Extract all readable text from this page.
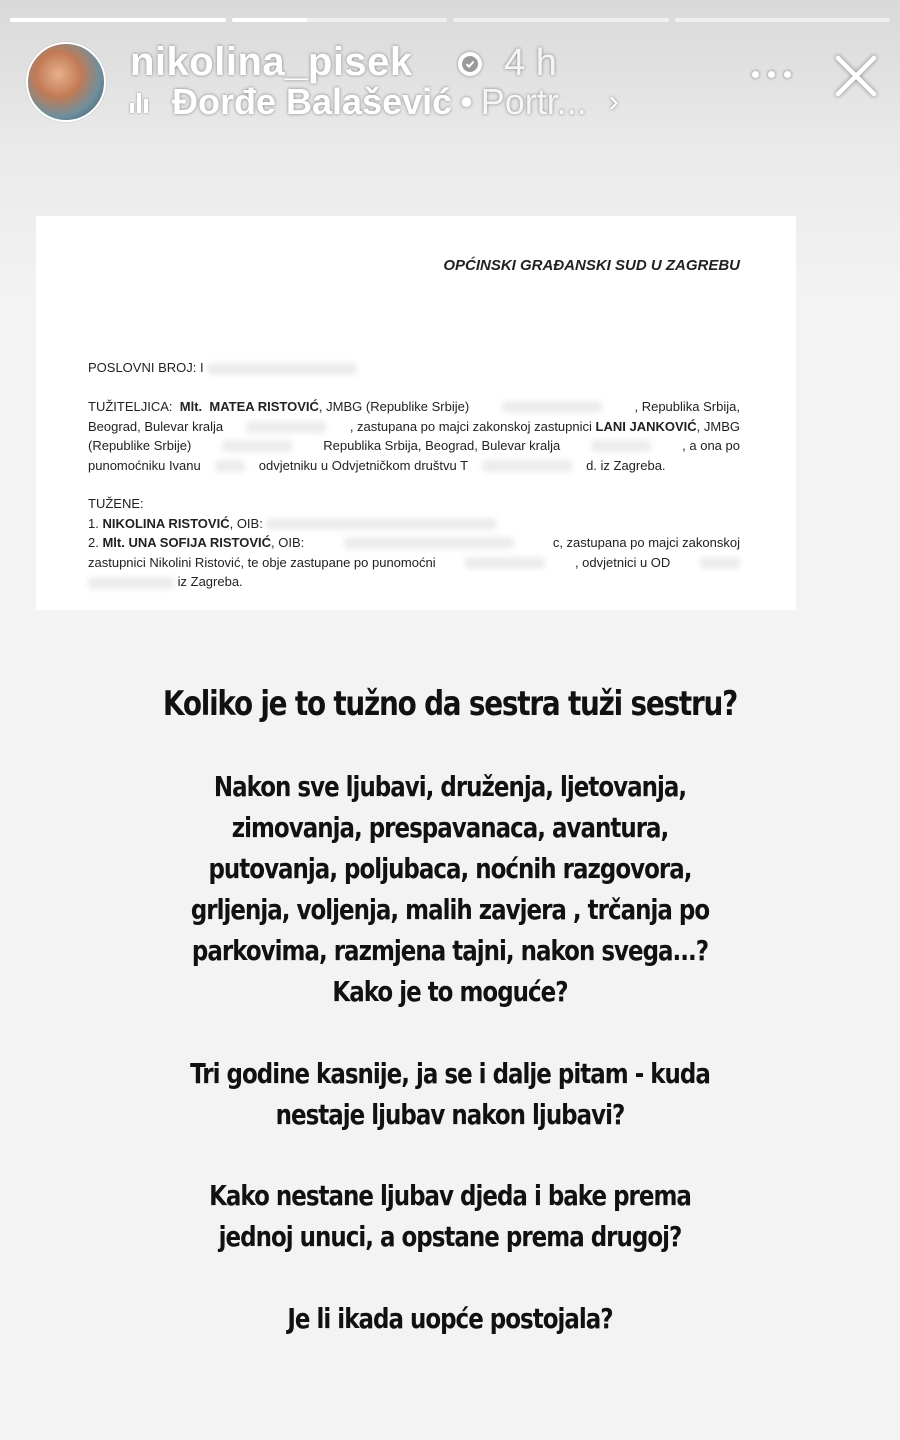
nikolina_pisek 4 h
Đorđe Balašević • Portr... ›
OPĆINSKI GRAĐANSKI SUD U ZAGREBU
POSLOVNI BROJ: I
TUŽITELJICA: Mlt. MATEA RISTOVIĆ, JMBG (Republike Srbije)	, Republika Srbija,
Beograd, Bulevar kralja	, zastupana po majci zakonskoj zastupnici LANI JANKOVIĆ, JMBG
(Republike Srbije)	Republika Srbija, Beograd, Bulevar kralja	, a ona po
punomoćniku Ivanu	odvjetniku u Odvjetničkom društvu T	d. iz Zagreba.
TUŽENE:
1. NIKOLINA RISTOVIĆ, OIB:
2. Mlt. UNA SOFIJA RISTOVIĆ, OIB:	c, zastupana po majci zakonskoj
zastupnici Nikolini Ristović, te obje zastupane po punomoćni	, odvjetnici u OD
iz Zagreba.
Koliko je to tužno da sestra tuži sestru?

Nakon sve ljubavi, druženja, ljetovanja,

zimovanja, prespavanaca, avantura,

putovanja, poljubaca, noćnih razgovora,

grljenja, voljenja, malih zavjera , trčanja po

parkovima, razmjena tajni, nakon svega...?

Kako je to moguće?

Tri godine kasnije, ja se i dalje pitam - kuda

nestaje ljubav nakon ljubavi?

Kako nestane ljubav djeda i bake prema

jednoj unuci, a opstane prema drugoj?

Je li ikada uopće postojala?
